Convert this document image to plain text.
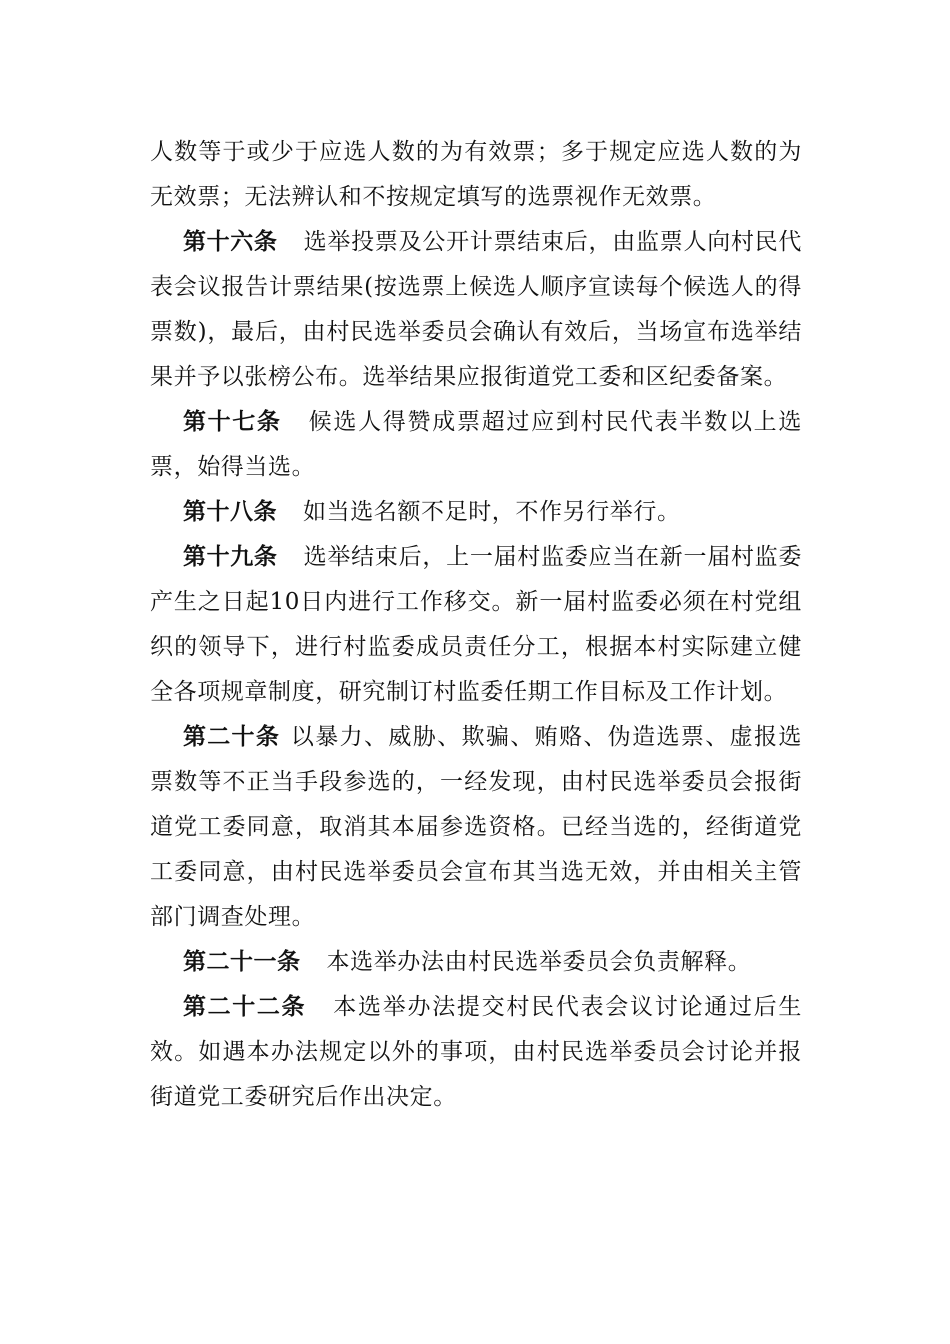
人数等于或少于应选人数的为有效票；多于规定应选人数的为无效票；无法辨认和不按规定填写的选票视作无效票。

第十六条 选举投票及公开计票结束后，由监票人向村民代表会议报告计票结果(按选票上候选人顺序宣读每个候选人的得票数)，最后，由村民选举委员会确认有效后，当场宣布选举结果并予以张榜公布。选举结果应报街道党工委和区纪委备案。

第十七条 候选人得赞成票超过应到村民代表半数以上选票，始得当选。

第十八条 如当选名额不足时，不作另行举行。

第十九条 选举结束后，上一届村监委应当在新一届村监委产生之日起10日内进行工作移交。新一届村监委必须在村党组织的领导下，进行村监委成员责任分工，根据本村实际建立健全各项规章制度，研究制订村监委任期工作目标及工作计划。

第二十条 以暴力、威胁、欺骗、贿赂、伪造选票、虚报选票数等不正当手段参选的，一经发现，由村民选举委员会报街道党工委同意，取消其本届参选资格。已经当选的，经街道党工委同意，由村民选举委员会宣布其当选无效，并由相关主管部门调查处理。

第二十一条 本选举办法由村民选举委员会负责解释。

第二十二条 本选举办法提交村民代表会议讨论通过后生效。如遇本办法规定以外的事项，由村民选举委员会讨论并报街道党工委研究后作出决定。
